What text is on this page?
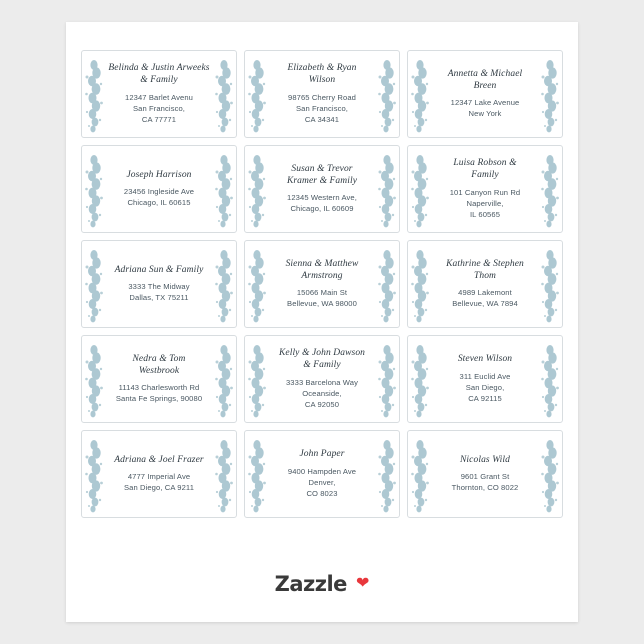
Belinda & Justin Arweeks
& Family
12347 Barlet Avenu
San Francisco,
CA 77771
Elizabeth & Ryan
Wilson
98765 Cherry Road
San Francisco,
CA 34341
Annetta & Michael
Breen
12347 Lake Avenue
New York
Joseph Harrison
23456 Ingleside Ave
Chicago, IL 60615
Susan & Trevor
Kramer & Family
12345 Western Ave,
Chicago, IL 60609
Luisa Robson &
Family
101 Canyon Run Rd
Naperville,
IL 60565
Adriana Sun & Family
3333 The Midway
Dallas, TX 75211
Sienna & Matthew
Armstrong
15066 Main St
Bellevue, WA 98000
Kathrine & Stephen
Thom
4989 Lakemont
Bellevue, WA 7894
Nedra & Tom
Westbrook
11143 Charlesworth Rd
Santa Fe Springs, 90080
Kelly & John Dawson
& Family
3333 Barcelona Way
Oceanside,
CA 92050
Steven Wilson
311 Euclid Ave
San Diego,
CA 92115
Adriana & Joel Frazer
4777 Imperial Ave
San Diego, CA 9211
John Paper
9400 Hampden Ave
Denver,
CO 8023
Nicolas Wild
9601 Grant St
Thornton, CO 8022
Zazzle ❤
